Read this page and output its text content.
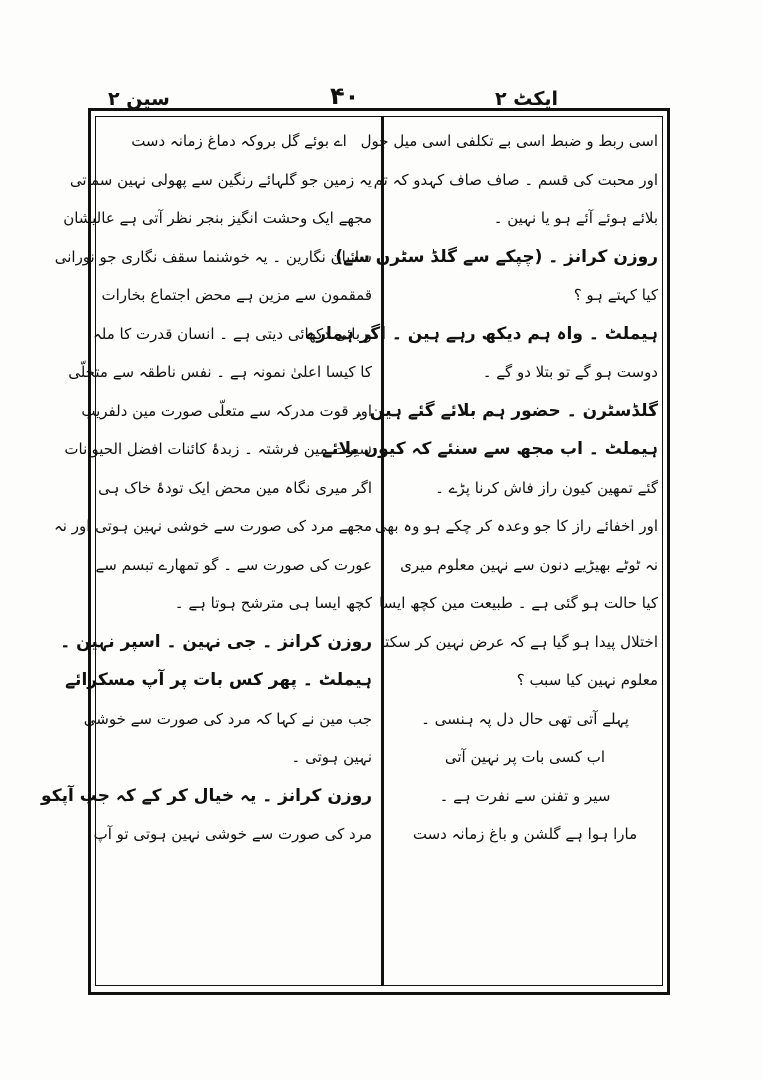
ایکٹ ۲
۴۰
سین ۲
اسی ربط و ضبط اسی بے تکلفی اسی میل جول
اور محبت کی قسم ۔ صاف صاف کہدو کہ تم
بلائے ہوئے آئے ہو یا نہین ۔
روزن کرانز ۔ (چپکے سے گلڈ سٹرن سے)
کیا کہتے ہو ؟
ہیملٹ ۔ واہ ہم دیکھ رہے ہین ۔ اگر ہمارے
دوست ہو گے تو بتلا دو گے ۔
گلڈسٹرن ۔ حضور ہم بلائے گئے ہین ۔
ہیملٹ ۔ اب مجھ سے سنئے کہ کیون بلائے
گئے تمھین کیون راز فاش کرنا پڑے ۔
اور اخفائے راز کا جو وعدہ کر چکے ہو وہ بھی
نہ ٹوٹے بھیڑیے دنون سے نہین معلوم میری
کیا حالت ہو گئی ہے ۔ طبیعت مین کچھ ایسا
اختلال پیدا ہو گیا ہے کہ عرض نہین کر سکتا
معلوم نہین کیا سبب ؟
پہلے آتی تھی حال دل پہ ہنسی ۔
اب کسی بات پر نہین آتی
سیر و تفنن سے نفرت ہے ۔
مارا ہوا ہے گلشن و باغ زمانہ دست
اے بوئے گل بروکہ دماغ زمانہ دست
یہ زمین جو گلہائے رنگین سے پھولی نہین سماتی
مجھے ایک وحشت انگیز بنجر نظر آتی ہے عالیشان
سائبان نگارین ۔ یہ خوشنما سقف نگاری جو نورانی
قمقمون سے مزین ہے محض اجتماع بخارات
و بائی دکھائی دیتی ہے ۔ انسان قدرت کا ملہ
کا کیسا اعلیٰ نمونہ ہے ۔ نفس ناطقہ سے متحلّی
اور قوت مدرکہ سے متعلّی صورت مین دلفریب
سیرت مین فرشتہ ۔ زبدۂ کائنات افضل الحیوانات
اگر میری نگاہ مین محض ایک تودۂ خاک ہی
مجھے مرد کی صورت سے خوشی نہین ہوتی اور نہ
عورت کی صورت سے ۔ گو تمھارے تبسم سے
کچھ ایسا ہی مترشح ہوتا ہے ۔
روزن کرانز ۔ جی نہین ۔ اسپر نہین ۔
ہیملٹ ۔ پھر کس بات پر آپ مسکرائے
جب مین نے کہا کہ مرد کی صورت سے خوشی
نہین ہوتی ۔
روزن کرانز ۔ یہ خیال کر کے کہ جب آپکو
مرد کی صورت سے خوشی نہین ہوتی تو آپ
